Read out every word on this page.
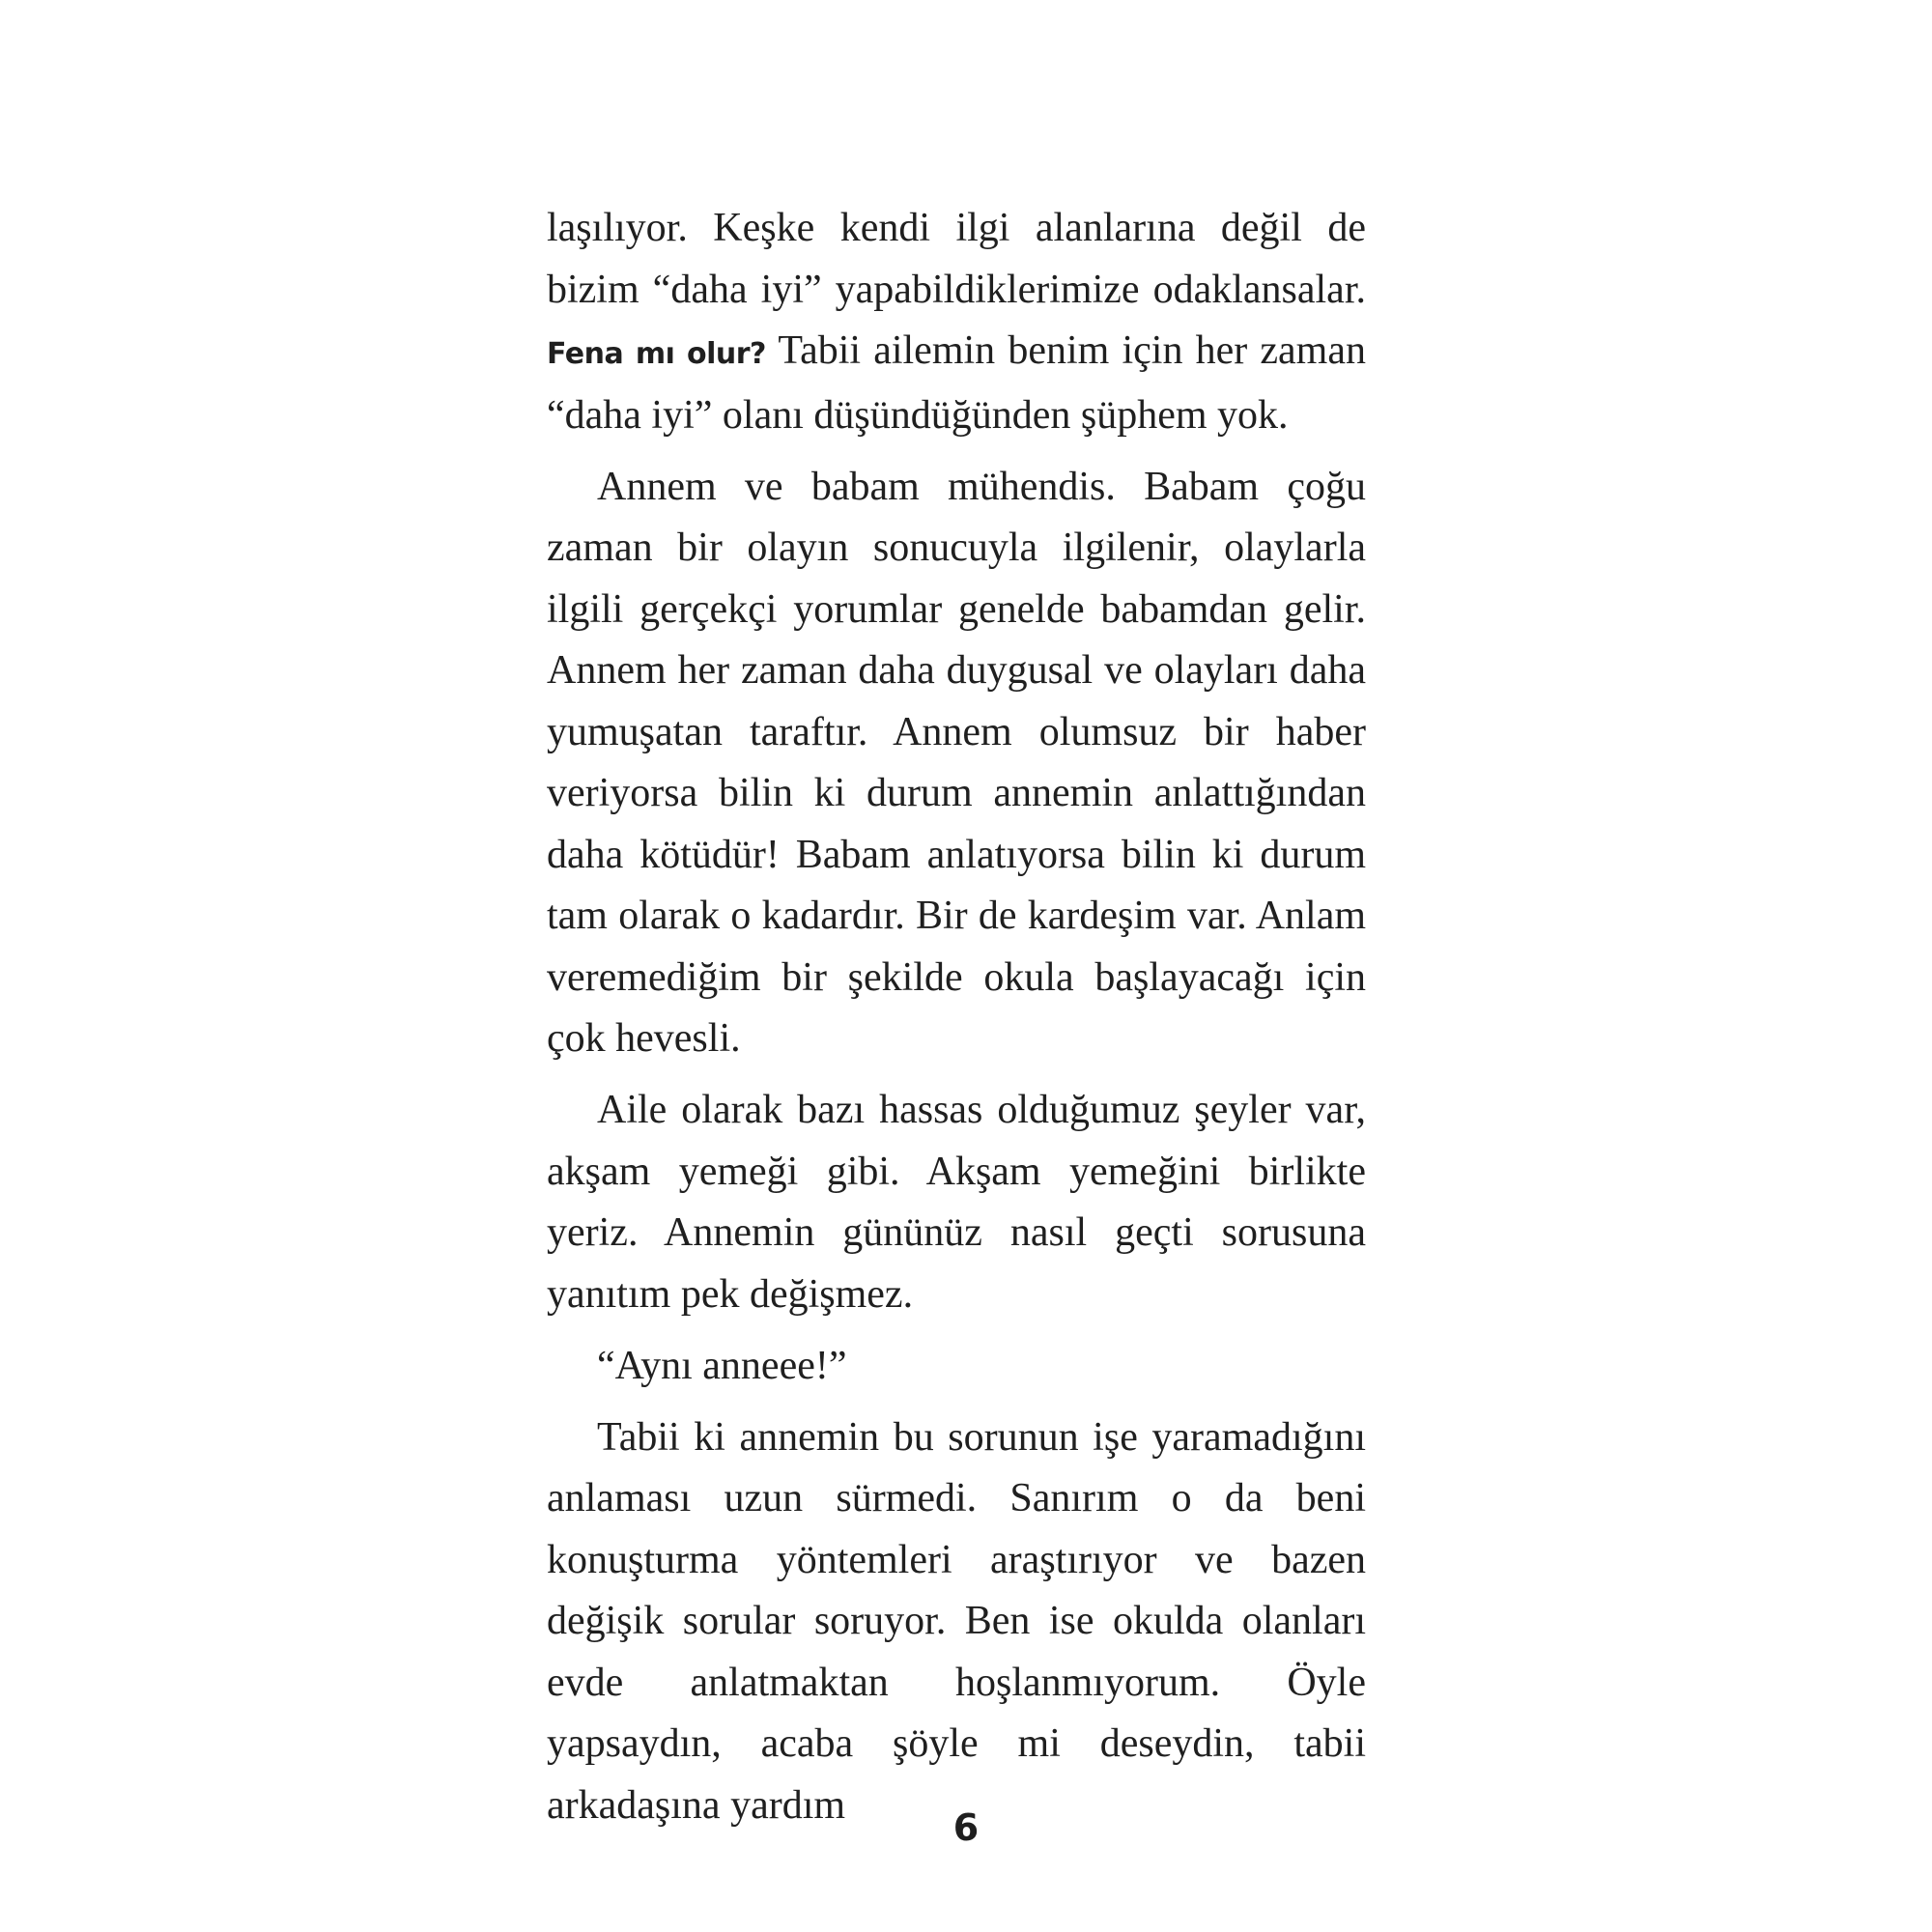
laşılıyor. Keşke kendi ilgi alanlarına değil de bizim “daha iyi” yapabildiklerimize odaklansalar. Fena mı olur? Tabii ailemin benim için her zaman “daha iyi” olanı düşündüğünden şüphem yok.

Annem ve babam mühendis. Babam çoğu zaman bir olayın sonucuyla ilgilenir, olaylarla ilgili gerçekçi yorumlar genelde babamdan gelir. Annem her zaman daha duygusal ve olayları daha yumuşatan taraftır. Annem olumsuz bir haber veriyorsa bilin ki durum annemin anlattığından daha kötüdür! Babam anlatıyorsa bilin ki durum tam olarak o kadardır. Bir de kardeşim var. Anlam veremediğim bir şekilde okula başlayacağı için çok hevesli.

Aile olarak bazı hassas olduğumuz şeyler var, akşam yemeği gibi. Akşam yemeğini birlikte yeriz. Annemin gününüz nasıl geçti sorusuna yanıtım pek değişmez.

“Aynı anneee!”

Tabii ki annemin bu sorunun işe yaramadığını anlaması uzun sürmedi. Sanırım o da beni konuşturma yöntemleri araştırıyor ve bazen değişik sorular soruyor. Ben ise okulda olanları evde anlatmaktan hoşlanmıyorum. Öyle yapsaydın, acaba şöyle mi deseydin, tabii arkadaşına yardım

6
